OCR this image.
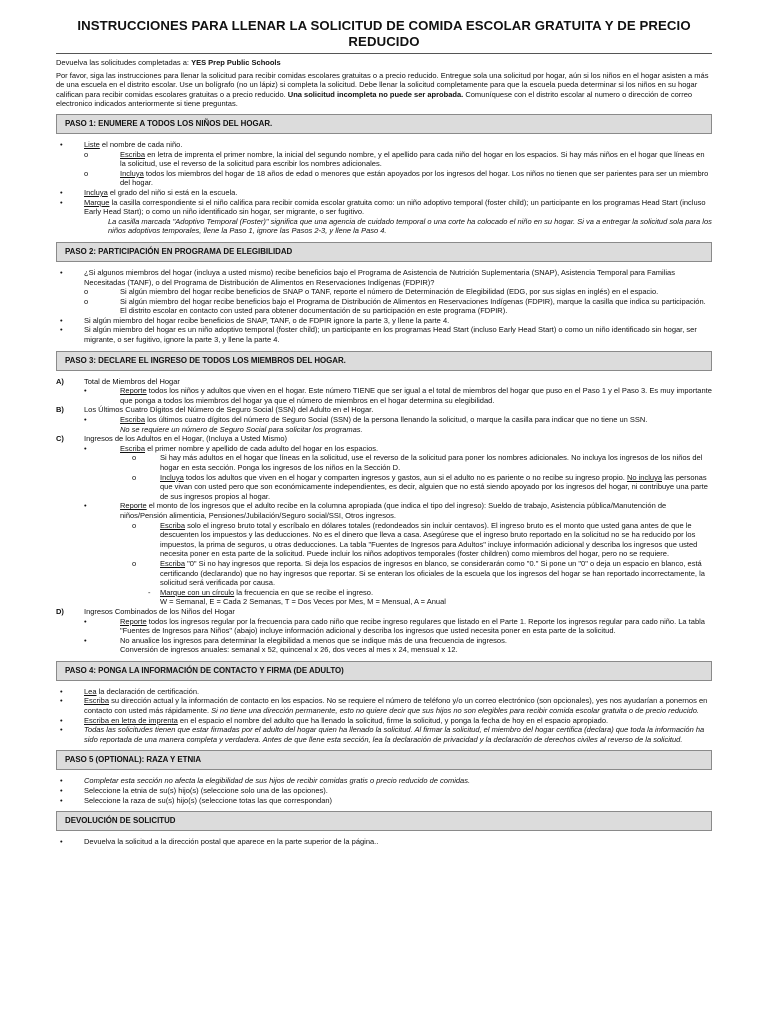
INSTRUCCIONES PARA LLENAR LA SOLICITUD DE COMIDA ESCOLAR GRATUITA Y DE PRECIO REDUCIDO

Devuelva las solicitudes completadas a: YES Prep Public Schools

Por favor, siga las instrucciones para llenar la solicitud para recibir comidas escolares gratuitas o a precio reducido. Entregue sola una solicitud por hogar, aún si los niños en el hogar asisten a más de una escuela en el distrito escolar. Use un bolígrafo (no un lápiz) si completa la solicitud. Debe llenar la solicitud completamente para que la escuela pueda determinar si los niños en su hogar califican para recibir comidas escolares gratuitas o a precio reducido. Una solicitud incompleta no puede ser aprobada. Comuníquese con el distrito escolar al numero o dirección de correo electronico indicados anteriormente si tiene preguntas.

PASO 1: ENUMERE A TODOS LOS NIÑOS DEL HOGAR.
•	Liste el nombre de cada niño.
o	Escriba en letra de imprenta el primer nombre, la inicial del segundo nombre, y el apellido para cada niño del hogar en los espacios. Si hay más niños en el hogar que líneas en la solicitud, use el reverso de la solicitud para escribir los nombres adicionales.
o	Incluya todos los miembros del hogar de 18 años de edad o menores que están apoyados por los ingresos del hogar. Los niños no tienen que ser parientes para ser un miembro del hogar.
•	Incluya el grado del niño si está en la escuela.
•	Marque la casilla correspondiente si el niño califica para recibir comida escolar gratuita como: un niño adoptivo temporal (foster child); un participante en los programas Head Start (incluso Early Head Start); o como un niño identificado sin hogar, ser migrante, o ser fugitivo.
La casilla marcada "Adoptivo Temporal (Foster)" significa que una agencia de cuidado temporal o una corte ha colocado el niño en su hogar. Si va a entregar la solicitud sola para los niños adoptivos temporales, llene la Paso 1, ignore las Pasos 2-3, y llene la Paso 4.
PASO 2: PARTICIPACIÓN EN PROGRAMA DE ELEGIBILIDAD
•	¿Si algunos miembros del hogar (incluya a usted mismo) recibe beneficios bajo el Programa de Asistencia de Nutrición Suplementaria (SNAP), Asistencia Temporal para Familias Necesitadas (TANF), o del Programa de Distribución de Alimentos en Reservaciones Indígenas (FDPIR)?
o	Si algún miembro del hogar recibe beneficios de SNAP o TANF, reporte el número de Determinación de Elegibilidad (EDG, por sus siglas en inglés) en el espacio.
o	Si algún miembro del hogar recibe beneficios bajo el Programa de Distribución de Alimentos en Reservaciones Indígenas (FDPIR), marque la casilla que indica su participación. El distrito escolar en contacto con usted para obtener documentación de su participación en este programa (FDPIR).
•	Si algún miembro del hogar recibe beneficios de SNAP, TANF, o de FDPIR ignore la parte 3, y llene la parte 4.
•	Si algún miembro del hogar es un niño adoptivo temporal (foster child); un participante en los programas Head Start (incluso Early Head Start) o como un niño identificado sin hogar, ser migrante, o ser fugitivo, ignore la parte 3, y llene la parte 4.
PASO 3: DECLARE EL INGRESO DE TODOS LOS MIEMBROS DEL HOGAR.
A)	Total de Miembros del Hogar
•	Reporte todos los niños y adultos que viven en el hogar. Este número TIENE que ser igual a el total de miembros del hogar que puso en el Paso 1 y el Paso 3. Es muy importante que ponga a todos los miembros del hogar ya que el número de miembros en el hogar determina su elegibilidad.
B)	Los Últimos Cuatro Dígitos del Número de Seguro Social (SSN) del Adulto en el Hogar.
•	Escriba los últimos cuatro dígitos del número de Seguro Social (SSN) de la persona llenando la solicitud, o marque la casilla para indicar que no tiene un SSN.
No se requiere un número de Seguro Social para solicitar los programas.
C)	Ingresos de los Adultos en el Hogar, (Incluya a Usted Mismo)
•	Escriba el primer nombre y apellido de cada adulto del hogar en los espacios.
o	Si hay más adultos en el hogar que líneas en la solicitud, use el reverso de la solicitud para poner los nombres adicionales. No incluya los ingresos de los niños del hogar en esta sección. Ponga los ingresos de los niños en la Sección D.
o	Incluya todos los adultos que viven en el hogar y comparten ingresos y gastos, aun si el adulto no es pariente o no recibe su ingreso propio. No incluya las personas que vivan con usted pero que son económicamente independientes, es decir, alguien que no está siendo apoyado por los ingresos del hogar, ni contribuye una parte de sus ingresos propios al hogar.
•	Reporte el monto de los ingresos que el adulto recibe en la columna apropiada (que indica el tipo del ingreso): Sueldo de trabajo, Asistencia pública/Manutención de niños/Pensión alimenticia, Pensiones/Jubilación/Seguro social/SSI, Otros ingresos.
o	Escriba solo el ingreso bruto total y escríbalo en dólares totales (redondeados sin incluir centavos). El ingreso bruto es el monto que usted gana antes de que le descuenten los impuestos y las deducciones. No es el dinero que lleva a casa. Asegúrese que el ingreso bruto reportado en la solicitud no se ha reducido por los impuestos, la prima de seguros, u otras deducciones. La tabla "Fuentes de Ingresos para Adultos" incluye información adicional y describa los ingresos que usted necesita poner en esta parte de la solicitud. Puede incluir los niños adoptivos temporales (foster children) como miembros del hogar, pero no se requiere.
o	Escriba "0" Si no hay ingresos que reporta. Si deja los espacios de ingresos en blanco, se considerarán como "0." Si pone un "0" o deja un espacio en blanco, está certificando (declarando) que no hay ingresos que reportar. Si se enteran los oficiales de la escuela que los ingresos del hogar se han reportado incorrectamente, la solicitud será verificada por causa.
- Marque con un círculo la frecuencia en que se recibe el ingreso.
W = Semanal, E = Cada 2 Semanas, T = Dos Veces por Mes, M = Mensual, A = Anual
D)	Ingresos Combinados de los Niños del Hogar
•	Reporte todos los ingresos regular por la frecuencia para cado niño que recibe ingreso regulares que listado en el Parte 1. Reporte los ingresos regular para cado niño. La tabla "Fuentes de Ingresos para Niños" (abajo) incluye información adicional y describa los ingresos que usted necesita poner en esta parte de la solicitud.
•	No anualice los ingresos para determinar la elegibilidad a menos que se indique más de una frecuencia de ingresos.
Conversión de ingresos anuales: semanal x 52, quincenal x 26, dos veces al mes x 24, mensual x 12.
PASO 4: PONGA LA INFORMACIÓN DE CONTACTO Y FIRMA (DE ADULTO)
•	Lea la declaración de certificación.
•	Escriba su dirección actual y la información de contacto en los espacios. No se requiere el número de teléfono y/o un correo electrónico (son opcionales), yes nos ayudarían a ponernos en contacto con usted más rápidamente. Si no tiene una dirección permanente, esto no quiere decir que sus hijos no son elegibles para recibir comida escolar gratuita o de precio reducido.
•	Escriba en letra de imprenta en el espacio el nombre del adulto que ha llenado la solicitud, firme la solicitud, y ponga la fecha de hoy en el espacio apropiado.
•	Todas las solicitudes tienen que estar firmadas por el adulto del hogar quien ha llenado la solicitud. Al firmar la solicitud, el miembro del hogar certifica (declara) que toda la información ha sido reportada de una manera completa y verdadera. Antes de que llene esta sección, lea la declaración de privacidad y la declaración de derechos civiles al reverso de la solicitud.
PASO 5 (OPTIONAL): RAZA Y ETNIA
•	Completar esta sección no afecta la elegibilidad de sus hijos de recibir comidas gratis o precio reducido de comidas.
•	Seleccione la etnia de su(s) hijo(s) (seleccione solo una de las opciones).
•	Seleccione la raza de su(s) hijo(s) (seleccione totas las que correspondan)
DEVOLUCIÓN DE SOLICITUD
•	Devuelva la solicitud a la dirección postal que aparece en la parte superior de la página..
